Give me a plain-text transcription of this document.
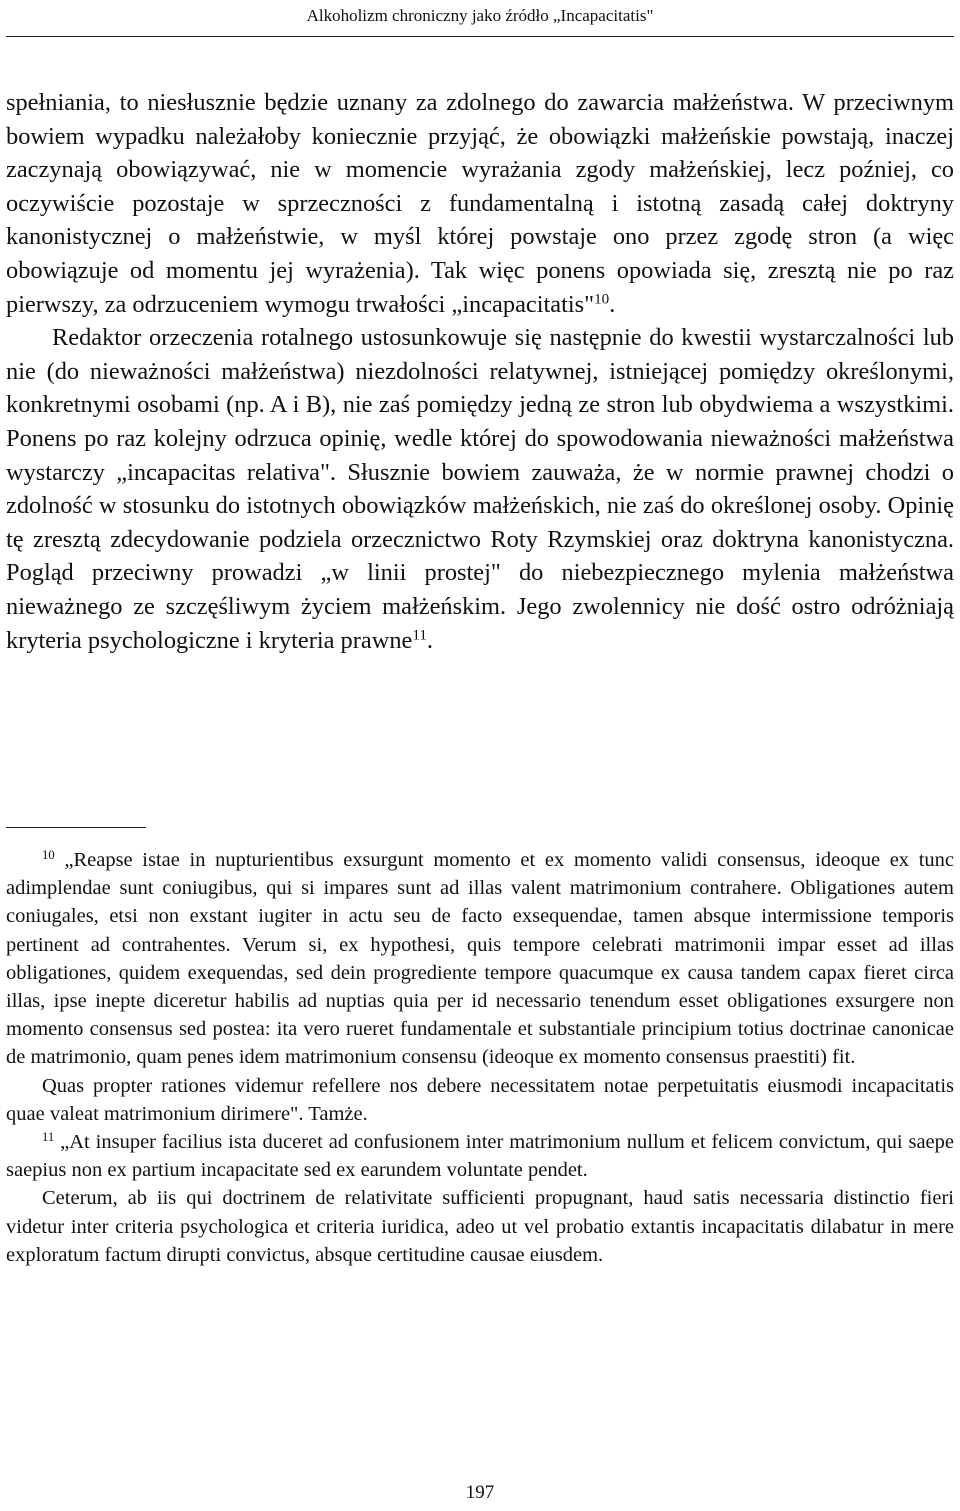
Alkoholizm chroniczny jako źródło „Incapacitatis"

spełniania, to niesłusznie będzie uznany za zdolnego do zawarcia małżeństwa. W przeciwnym bowiem wypadku należałoby koniecznie przyjąć, że obowiązki małżeńskie powstają, inaczej zaczynają obowiązywać, nie w momencie wyrażania zgody małżeńskiej, lecz poźniej, co oczywiście pozostaje w sprzeczności z fundamentalną i istotną zasadą całej doktryny kanonistycznej o małżeństwie, w myśl której powstaje ono przez zgodę stron (a więc obowiązuje od momentu jej wyrażenia). Tak więc ponens opowiada się, zresztą nie po raz pierwszy, za odrzuceniem wymogu trwałości „incapacitatis"$^{10}$.

Redaktor orzeczenia rotalnego ustosunkowuje się następnie do kwestii wystarczalności lub nie (do nieważności małżeństwa) niezdolności relatywnej, istniejącej pomiędzy określonymi, konkretnymi osobami (np. A i B), nie zaś pomiędzy jedną ze stron lub obydwiema a wszystkimi. Ponens po raz kolejny odrzuca opinię, wedle której do spowodowania nieważności małżeństwa wystarczy „incapacitas relativa". Słusznie bowiem zauważa, że w normie prawnej chodzi o zdolność w stosunku do istotnych obowiązków małżeńskich, nie zaś do określonej osoby. Opinię tę zresztą zdecydowanie podziela orzecznictwo Roty Rzymskiej oraz doktryna kanonistyczna. Pogląd przeciwny prowadzi „w linii prostej" do niebezpiecznego mylenia małżeństwa nieważnego ze szczęśliwym życiem małżeńskim. Jego zwolennicy nie dość ostro odróżniają kryteria psychologiczne i kryteria prawne$^{11}$.

$^{10}$ „Reapse istae in nupturientibus exsurgunt momento et ex momento validi consensus, ideoque ex tunc adimplendae sunt coniugibus, qui si impares sunt ad illas valent matrimonium contrahere. Obligationes autem coniugales, etsi non exstant iugiter in actu seu de facto exsequendae, tamen absque intermissione temporis pertinent ad contrahentes. Verum si, ex hypothesi, quis tempore celebrati matrimonii impar esset ad illas obligationes, quidem exequendas, sed dein progrediente tempore quacumque ex causa tandem capax fieret circa illas, ipse inepte diceretur habilis ad nuptias quia per id necessario tenendum esset obligationes exsurgere non momento consensus sed postea: ita vero rueret fundamentale et substantiale principium totius doctrinae canonicae de matrimonio, quam penes idem matrimonium consensu (ideoque ex momento consensus praestiti) fit.

Quas propter rationes videmur refellere nos debere necessitatem notae perpetuitatis eiusmodi incapacitatis quae valeat matrimonium dirimere". Tamże.

$^{11}$ „At insuper facilius ista duceret ad confusionem inter matrimonium nullum et felicem convictum, qui saepe saepius non ex partium incapacitate sed ex earundem voluntate pendet.

Ceterum, ab iis qui doctrinem de relativitate sufficienti propugnant, haud satis necessaria distinctio fieri videtur inter criteria psychologica et criteria iuridica, adeo ut vel probatio extantis incapacitatis dilabatur in mere exploratum factum dirupti convictus, absque certitudine causae eiusdem.

197
